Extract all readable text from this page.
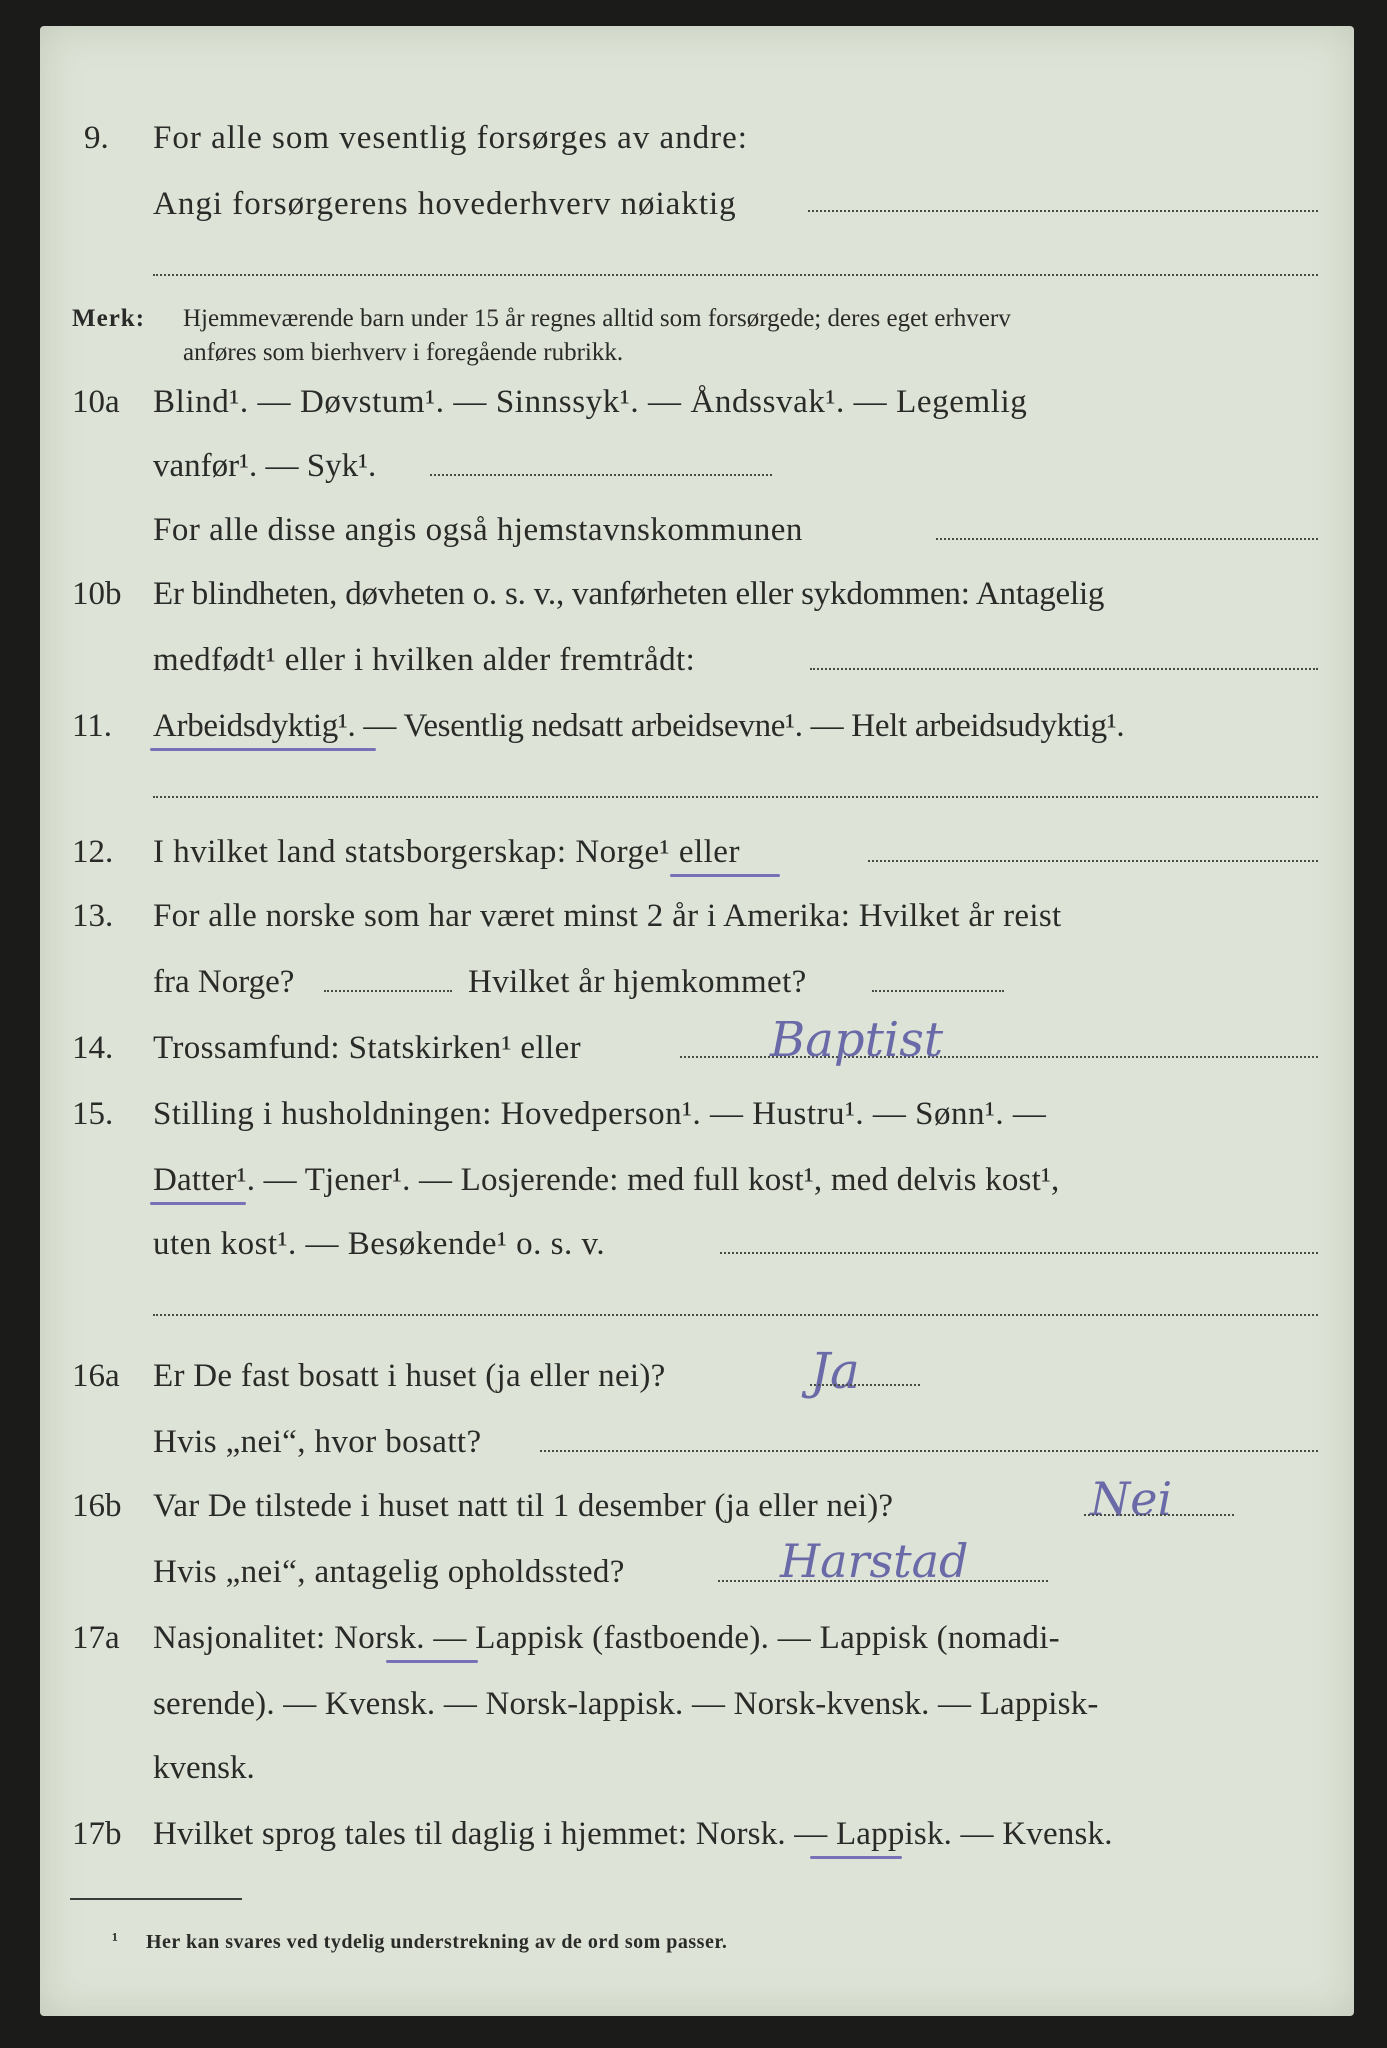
9. For alle som vesentlig forsørges av andre:
Angi forsørgerens hovederhverv nøiaktig
Merk: Hjemmeværende barn under 15 år regnes alltid som forsørgede; deres eget erhverv
anføres som bierhverv i foregående rubrikk.
10a Blind¹. — Døvstum¹. — Sinnssyk¹. — Åndssvak¹. — Legemlig
vanfør¹. — Syk¹.
For alle disse angis også hjemstavnskommunen
10b Er blindheten, døvheten o. s. v., vanførheten eller sykdommen: Antagelig
medfødt¹ eller i hvilken alder fremtrådt:
11. Arbeidsdyktig¹. — Vesentlig nedsatt arbeidsevne¹. — Helt arbeidsudyktig¹.
12. I hvilket land statsborgerskap: Norge¹ eller
13. For alle norske som har været minst 2 år i Amerika: Hvilket år reist
fra Norge?	Hvilket år hjemkommet?
14. Trossamfund: Statskirken¹ eller	Baptist
15. Stilling i husholdningen: Hovedperson¹. — Hustru¹. — Sønn¹. —
Datter¹. — Tjener¹. — Losjerende: med full kost¹, med delvis kost¹,
uten kost¹. — Besøkende¹ o. s. v.
16a Er De fast bosatt i huset (ja eller nei)?	Ja
Hvis „nei“, hvor bosatt?
16b Var De tilstede i huset natt til 1 desember (ja eller nei)?	Nei
Hvis „nei“, antagelig opholdssted?	Harstad
17a Nasjonalitet: Norsk. — Lappisk (fastboende). — Lappisk (nomadi-
serende). — Kvensk. — Norsk-lappisk. — Norsk-kvensk. — Lappisk-
kvensk.
17b Hvilket sprog tales til daglig i hjemmet: Norsk. — Lappisk. — Kvensk.
¹ Her kan svares ved tydelig understrekning av de ord som passer.
